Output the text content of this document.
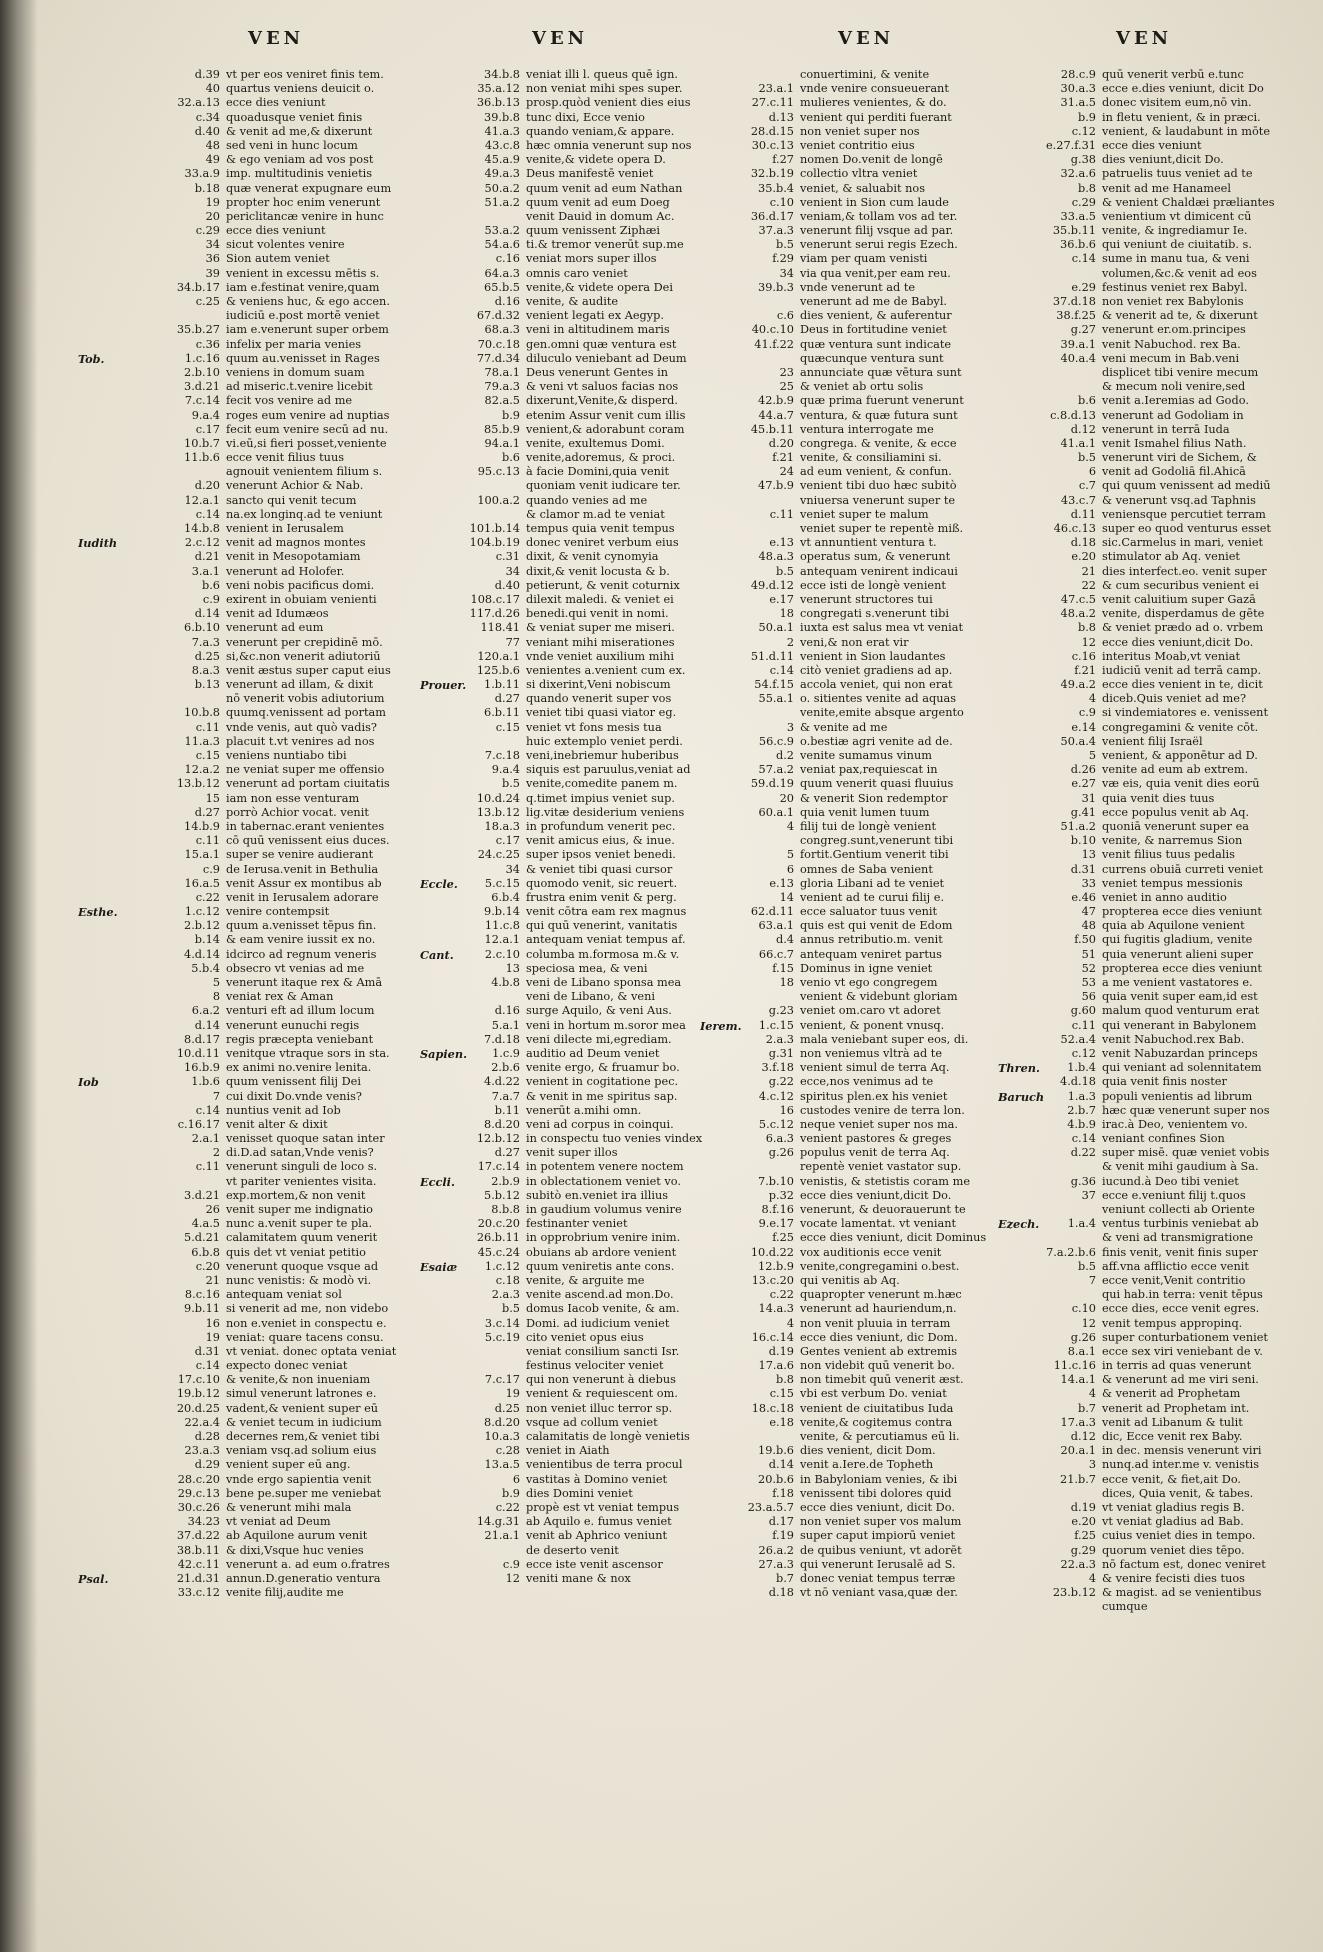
VEN	VEN	VEN	VEN
d.39 vt per eos veniret finis tem.
40 quartus veniens deuicit o.
32.a.13 ecce dies veniunt
c.34 quoadusque veniet finis
d.40 & venit ad me,& dixerunt
48 sed veni in hunc locum
49 & ego veniam ad vos post
33.a.9 imp. multitudinis venietis
b.18 quæ venerat expugnare eum
19 propter hoc enim venerunt
20 periclitancæ venire in hunc
c.29 ecce dies veniunt
34 sicut volentes venire
36 Sion autem veniet
39 venient in excessu mētis s.
34.b.17 iam e.festinat venire,quam
c.25 & veniens huc, & ego accen.
iudiciū e.post mortē veniet
35.b.27 iam e.venerunt super orbem
c.36 infelix per maria venies
Tob.	1.c.16 quum au.venisset in Rages
2.b.10 veniens in domum suam
3.d.21 ad miseric.t.venire licebit
7.c.14 fecit vos venire ad me
9.a.4 roges eum venire ad nuptias
c.17 fecit eum venire secū ad nu.
10.b.7 vi.eū,si fieri posset,veniente
11.b.6 ecce venit filius tuus
agnouit venientem filium s.
d.20 venerunt Achior & Nab.
12.a.1 sancto qui venit tecum
c.14 na.ex longinq.ad te veniunt
14.b.8 venient in Ierusalem
Iudith	2.c.12 venit ad magnos montes
d.21 venit in Mesopotamiam
3.a.1 venerunt ad Holofer.
b.6 veni nobis pacificus domi.
c.9 exirent in obuiam venienti
d.14 venit ad Idumæos
6.b.10 venerunt ad eum
7.a.3 venerunt per crepidinē mō.
d.25 si,&c.non venerit adiutoriū
8.a.3 venit æstus super caput eius
b.13 venerunt ad illam, & dixit
nō venerit vobis adiutorium
10.b.8 quumq.venissent ad portam
c.11 vnde venis, aut quò vadis?
11.a.3 placuit t.vt venires ad nos
c.15 veniens nuntiabo tibi
12.a.2 ne veniat super me offensio
13.b.12 venerunt ad portam ciuitatis
15 iam non esse venturam
d.27 porrò Achior vocat. venit
14.b.9 in tabernac.erant venientes
c.11 cō quū venissent eius duces.
15.a.1 super se venire audierant
c.9 de Ierusa.venit in Bethulia
16.a.5 venit Assur ex montibus ab
c.22 venit in Ierusalem adorare
Esthe.	1.c.12 venire contempsit
2.b.12 quum a.venisset tēpus fin.
b.14 & eam venire iussit ex no.
4.d.14 idcirco ad regnum veneris
5.b.4 obsecro vt venias ad me
5 venerunt itaque rex & Amā
8 veniat rex & Aman
6.a.2 venturi eft ad illum locum
d.14 venerunt eunuchi regis
8.d.17 regis præcepta veniebant
10.d.11 venitque vtraque sors in sta.
16.b.9 ex animi no.venire lenita.
Iob	1.b.6 quum venissent filij Dei
7 cui dixit Do.vnde venis?
c.14 nuntius venit ad Iob
c.16.17 venit alter & dixit
2.a.1 venisset quoque satan inter
2 di.D.ad satan,Vnde venis?
c.11 venerunt singuli de loco s.
vt pariter venientes visita.
3.d.21 exp.mortem,& non venit
26 venit super me indignatio
4.a.5 nunc a.venit super te pla.
5.d.21 calamitatem quum venerit
6.b.8 quis det vt veniat petitio
c.20 venerunt quoque vsque ad
21 nunc venistis: & modò vi.
8.c.16 antequam veniat sol
9.b.11 si venerit ad me, non videbo
16 non e.veniet in conspectu e.
19 veniat: quare tacens consu.
d.31 vt veniat. donec optata veniat
c.14 expecto donec veniat
17.c.10 & venite,& non inueniam
19.b.12 simul venerunt latrones e.
20.d.25 vadent,& venient super eū
22.a.4 & veniet tecum in iudicium
d.28 decernes rem,& veniet tibi
23.a.3 veniam vsq.ad solium eius
d.29 venient super eū ang.
28.c.20 vnde ergo sapientia venit
29.c.13 bene pe.super me veniebat
30.c.26 & venerunt mihi mala
34.23 vt veniat ad Deum
37.d.22 ab Aquilone aurum venit
38.b.11 & dixi,Vsque huc venies
42.c.11 venerunt a. ad eum o.fratres
Psal.	21.d.31 annun.D.generatio ventura
33.c.12 venite filij,audite me
34.b.8 veniat illi l. queus quē ign.
35.a.12 non veniat mihi spes super.
36.b.13 prosp.quòd venient dies eius
39.b.8 tunc dixi, Ecce venio
41.a.3 quando veniam,& appare.
43.c.8 hæc omnia venerunt sup nos
45.a.9 venite,& videte opera D.
49.a.3 Deus manifestē veniet
50.a.2 quum venit ad eum Nathan
51.a.2 quum venit ad eum Doeg
venit Dauid in domum Ac.
53.a.2 quum venissent Ziphæi
54.a.6 ti.& tremor venerūt sup.me
c.16 veniat mors super illos
64.a.3 omnis caro veniet
65.b.5 venite,& videte opera Dei
d.16 venite, & audite
67.d.32 venient legati ex Aegyp.
68.a.3 veni in altitudinem maris
70.c.18 gen.omni quæ ventura est
77.d.34 diluculo veniebant ad Deum
78.a.1 Deus venerunt Gentes in
79.a.3 & veni vt saluos facias nos
82.a.5 dixerunt,Venite,& disperd.
b.9 etenim Assur venit cum illis
85.b.9 venient,& adorabunt coram
94.a.1 venite, exultemus Domi.
b.6 venite,adoremus, & proci.
95.c.13 à facie Domini,quia venit
quoniam venit iudicare ter.
100.a.2 quando venies ad me
& clamor m.ad te veniat
101.b.14 tempus quia venit tempus
104.b.19 donec veniret verbum eius
c.31 dixit, & venit cynomyia
34 dixit,& venit locusta & b.
d.40 petierunt, & venit coturnix
108.c.17 dilexit maledi. & veniet ei
117.d.26 benedi.qui venit in nomi.
118.41 & veniat super me miseri.
77 veniant mihi miserationes
120.a.1 vnde veniet auxilium mihi
125.b.6 venientes a.venient cum ex.
Prouer.	1.b.11 si dixerint,Veni nobiscum
d.27 quando venerit super vos
6.b.11 veniet tibi quasi viator eg.
c.15 veniet vt fons mesis tua
huic extemplo veniet perdi.
7.c.18 veni,inebriemur huberibus
9.a.4 siquis est paruulus,veniat ad
b.5 venite,comedite panem m.
10.d.24 q.timet impius veniet sup.
13.b.12 lig.vitæ desiderium veniens
18.a.3 in profundum venerit pec.
c.17 venit amicus eius, & inue.
24.c.25 super ipsos veniet benedi.
34 & veniet tibi quasi cursor
Eccle.	5.c.15 quomodo venit, sic reuert.
6.b.4 frustra enim venit & perg.
9.b.14 venit cōtra eam rex magnus
11.c.8 qui quū venerint, vanitatis
12.a.1 antequam veniat tempus af.
Cant.	2.c.10 columba m.formosa m.& v.
13 speciosa mea, & veni
4.b.8 veni de Libano sponsa mea
veni de Libano, & veni
d.16 surge Aquilo, & veni Aus.
5.a.1 veni in hortum m.soror mea
7.d.18 veni dilecte mi,egrediam.
Sapien.	1.c.9 auditio ad Deum veniet
2.b.6 venite ergo, & fruamur bo.
4.d.22 venient in cogitatione pec.
7.a.7 & venit in me spiritus sap.
b.11 venerūt a.mihi omn.
8.d.20 veni ad corpus in coinqui.
12.b.12 in conspectu tuo venies vindex
d.27 venit super illos
17.c.14 in potentem venere noctem
Eccli.	2.b.9 in oblectationem veniet vo.
5.b.12 subitò en.veniet ira illius
8.b.8 in gaudium volumus venire
20.c.20 festinanter veniet
26.b.11 in opprobrium venire inim.
45.c.24 obuians ab ardore venient
Esaiæ	1.c.12 quum veniretis ante cons.
c.18 venite, & arguite me
2.a.3 venite ascend.ad mon.Do.
b.5 domus Iacob venite, & am.
3.c.14 Domi. ad iudicium veniet
5.c.19 cito veniet opus eius
veniat consilium sancti Isr.
festinus velociter veniet
7.c.17 qui non venerunt à diebus
19 venient & requiescent om.
d.25 non veniet illuc terror sp.
8.d.20 vsque ad collum veniet
10.a.3 calamitatis de longè venietis
c.28 veniet in Aiath
13.a.5 venientibus de terra procul
6 vastitas à Domino veniet
b.9 dies Domini veniet
c.22 propè est vt veniat tempus
14.g.31 ab Aquilo e. fumus veniet
21.a.1 venit ab Aphrico veniunt
de deserto venit
c.9 ecce iste venit ascensor
12 veniti mane & nox
conuertimini, & venite
23.a.1 vnde venire consueuerant
27.c.11 mulieres venientes, & do.
d.13 venient qui perditi fuerant
28.d.15 non veniet super nos
30.c.13 veniet contritio eius
f.27 nomen Do.venit de longē
32.b.19 collectio vltra veniet
35.b.4 veniet, & saluabit nos
c.10 venient in Sion cum laude
36.d.17 veniam,& tollam vos ad ter.
37.a.3 venerunt filij vsque ad par.
b.5 venerunt serui regis Ezech.
f.29 viam per quam venisti
34 via qua venit,per eam reu.
39.b.3 vnde venerunt ad te
venerunt ad me de Babyl.
c.6 dies venient, & auferentur
40.c.10 Deus in fortitudine veniet
41.f.22 quæ ventura sunt indicate
quæcunque ventura sunt
23 annunciate quæ vētura sunt
25 & veniet ab ortu solis
42.b.9 quæ prima fuerunt venerunt
44.a.7 ventura, & quæ futura sunt
45.b.11 ventura interrogate me
d.20 congrega. & venite, & ecce
f.21 venite, & consiliamini si.
24 ad eum venient, & confun.
47.b.9 venient tibi duo hæc subitò
vniuersa venerunt super te
c.11 veniet super te malum
veniet super te repentè miß.
e.13 vt annuntient ventura t.
48.a.3 operatus sum, & venerunt
b.5 antequam venirent indicaui
49.d.12 ecce isti de longè venient
e.17 venerunt structores tui
18 congregati s.venerunt tibi
50.a.1 iuxta est salus mea vt veniat
2 veni,& non erat vir
51.d.11 venient in Sion laudantes
c.14 citò veniet gradiens ad ap.
54.f.15 accola veniet, qui non erat
55.a.1 o. sitientes venite ad aquas
venite,emite absque argento
3 & venite ad me
56.c.9 o.bestiæ agri venite ad de.
d.2 venite sumamus vinum
57.a.2 veniat pax,requiescat in
59.d.19 quum venerit quasi fluuius
20 & venerit Sion redemptor
60.a.1 quia venit lumen tuum
4 filij tui de longè venient
congreg.sunt,venerunt tibi
5 fortit.Gentium venerit tibi
6 omnes de Saba venient
e.13 gloria Libani ad te veniet
14 venient ad te curui filij e.
62.d.11 ecce saluator tuus venit
63.a.1 quis est qui venit de Edom
d.4 annus retributio.m. venit
66.c.7 antequam veniret partus
f.15 Dominus in igne veniet
18 venio vt ego congregem
venient & videbunt gloriam
g.23 veniet om.caro vt adoret
Ierem.	1.c.15 venient, & ponent vnusq.
2.a.3 mala veniebant super eos, di.
g.31 non veniemus vltrà ad te
3.f.18 venient simul de terra Aq.
g.22 ecce,nos venimus ad te
4.c.12 spiritus plen.ex his veniet
16 custodes venire de terra lon.
5.c.12 neque veniet super nos ma.
6.a.3 venient pastores & greges
g.26 populus venit de terra Aq.
repentè veniet vastator sup.
7.b.10 venistis, & stetistis coram me
p.32 ecce dies veniunt,dicit Do.
8.f.16 venerunt, & deuorauerunt te
9.e.17 vocate lamentat. vt veniant
f.25 ecce dies veniunt, dicit Dominus
10.d.22 vox auditionis ecce venit
12.b.9 venite,congregamini o.best.
13.c.20 qui venitis ab Aq.
c.22 quapropter venerunt m.hæc
14.a.3 venerunt ad hauriendum,n.
4 non venit pluuia in terram
16.c.14 ecce dies veniunt, dic Dom.
d.19 Gentes venient ab extremis
17.a.6 non videbit quū venerit bo.
b.8 non timebit quū venerit æst.
c.15 vbi est verbum Do. veniat
18.c.18 venient de ciuitatibus Iuda
e.18 venite,& cogitemus contra
venite, & percutiamus eū li.
19.b.6 dies venient, dicit Dom.
d.14 venit a.Iere.de Topheth
20.b.6 in Babyloniam venies, & ibi
f.18 venissent tibi dolores quid
23.a.5.7 ecce dies veniunt, dicit Do.
d.17 non veniet super vos malum
f.19 super caput impiorū veniet
26.a.2 de quibus veniunt, vt adorēt
27.a.3 qui venerunt Ierusalē ad S.
b.7 donec veniat tempus terræ
d.18 vt nō veniant vasa,quæ der.
28.c.9 quū venerit verbū e.tunc
30.a.3 ecce e.dies veniunt, dicit Do
31.a.5 donec visitem eum,nō vin.
b.9 in fletu venient, & in præci.
c.12 venient, & laudabunt in mōte
e.27.f.31 ecce dies veniunt
g.38 dies veniunt,dicit Do.
32.a.6 patruelis tuus veniet ad te
b.8 venit ad me Hanameel
c.29 & venient Chaldæi præliantes
33.a.5 venientium vt dimicent cū
35.b.11 venite, & ingrediamur Ie.
36.b.6 qui veniunt de ciuitatib. s.
c.14 sume in manu tua, & veni
volumen,&c.& venit ad eos
e.29 festinus veniet rex Babyl.
37.d.18 non veniet rex Babylonis
38.f.25 & venerit ad te, & dixerunt
g.27 venerunt er.om.principes
39.a.1 venit Nabuchod. rex Ba.
40.a.4 veni mecum in Bab.veni
displicet tibi venire mecum
& mecum noli venire,sed
b.6 venit a.Ieremias ad Godo.
c.8.d.13 venerunt ad Godoliam in
d.12 venerunt in terrā Iuda
41.a.1 venit Ismahel filius Nath.
b.5 venerunt viri de Sichem, &
6 venit ad Godoliā fil.Ahicā
c.7 qui quum venissent ad mediū
43.c.7 & venerunt vsq.ad Taphnis
d.11 veniensque percutiet terram
46.c.13 super eo quod venturus esset
d.18 sic.Carmelus in mari, veniet
e.20 stimulator ab Aq. veniet
21 dies interfect.eo. venit super
22 & cum securibus venient ei
47.c.5 venit caluitium super Gazā
48.a.2 venite, disperdamus de gēte
b.8 & veniet prædo ad o. vrbem
12 ecce dies veniunt,dicit Do.
c.16 interitus Moab,vt veniat
f.21 iudiciū venit ad terrā camp.
49.a.2 ecce dies venient in te, dicit
4 diceb.Quis veniet ad me?
c.9 si vindemiatores e. venissent
e.14 congregamini & venite cōt.
50.a.4 venient filij Israël
5 venient, & apponētur ad D.
d.26 venite ad eum ab extrem.
e.27 væ eis, quia venit dies eorū
31 quia venit dies tuus
g.41 ecce populus venit ab Aq.
51.a.2 quoniā venerunt super ea
b.10 venite, & narremus Sion
13 venit filius tuus pedalis
d.31 currens obuiā curreti veniet
33 veniet tempus messionis
e.46 veniet in anno auditio
47 propterea ecce dies veniunt
48 quia ab Aquilone venient
f.50 qui fugitis gladium, venite
51 quia venerunt alieni super
52 propterea ecce dies veniunt
53 a me venient vastatores e.
56 quia venit super eam,id est
g.60 malum quod venturum erat
c.11 qui venerant in Babylonem
52.a.4 venit Nabuchod.rex Bab.
c.12 venit Nabuzardan princeps
Thren.	1.b.4 qui veniant ad solennitatem
4.d.18 quia venit finis noster
Baruch	1.a.3 populi venientis ad librum
2.b.7 hæc quæ venerunt super nos
4.b.9 irac.à Deo, venientem vo.
c.14 veniant confines Sion
d.22 super misē. quæ veniet vobis
& venit mihi gaudium à Sa.
g.36 iucund.à Deo tibi veniet
37 ecce e.veniunt filij t.quos
veniunt collecti ab Oriente
Ezech.	1.a.4 ventus turbinis veniebat ab
& veni ad transmigratione
7.a.2.b.6 finis venit, venit finis super
b.5 aff.vna afflictio ecce venit
7 ecce venit,Venit contritio
qui hab.in terra: venit tēpus
c.10 ecce dies, ecce venit egres.
12 venit tempus appropinq.
g.26 super conturbationem veniet
8.a.1 ecce sex viri veniebant de v.
11.c.16 in terris ad quas venerunt
14.a.1 & venerunt ad me viri seni.
4 & venerit ad Prophetam
b.7 venerit ad Prophetam int.
17.a.3 venit ad Libanum & tulit
d.12 dic, Ecce venit rex Baby.
20.a.1 in dec. mensis venerunt viri
3 nunq.ad inter.me v. venistis
21.b.7 ecce venit, & fiet,ait Do.
dices, Quia venit, & tabes.
d.19 vt veniat gladius regis B.
e.20 vt veniat gladius ad Bab.
f.25 cuius veniet dies in tempo.
g.29 quorum veniet dies tēpo.
22.a.3 nō factum est, donec veniret
4 & venire fecisti dies tuos
23.b.12 & magist. ad se venientibus
cumque
